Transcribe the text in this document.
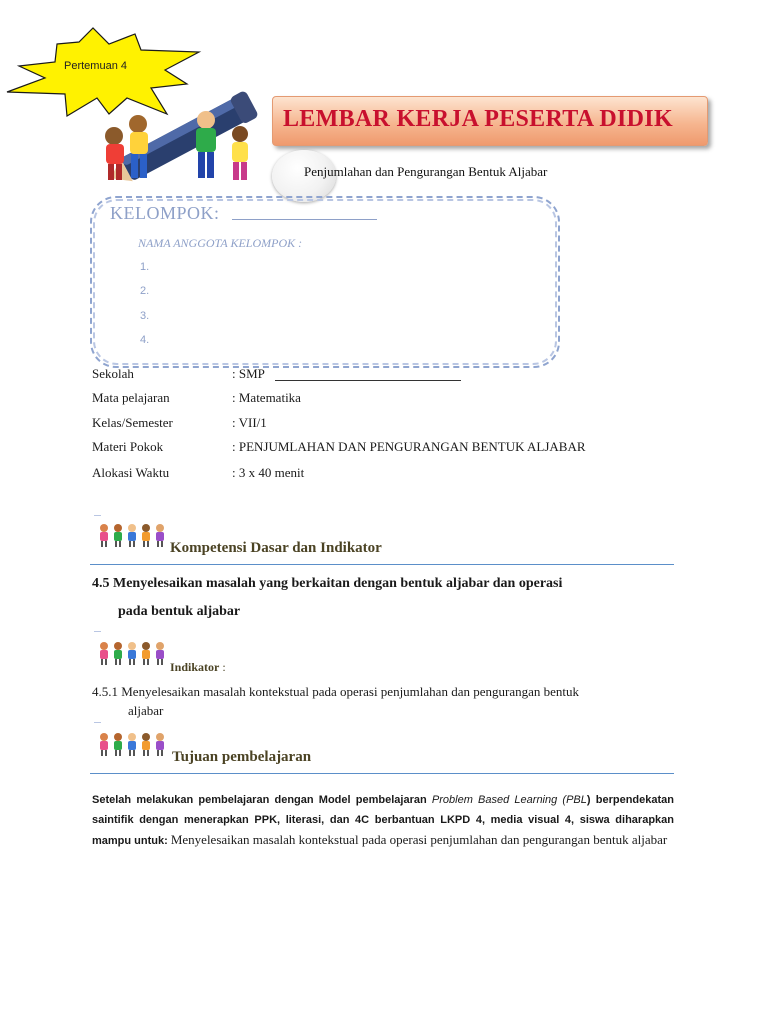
Pertemuan 4
LEMBAR KERJA PESERTA DIDIK
Penjumlahan dan Pengurangan Bentuk Aljabar
KELOMPOK:
NAMA ANGGOTA KELOMPOK :
1.
2.
3.
4.
Sekolah	: SMP
Mata pelajaran	: Matematika
Kelas/Semester	: VII/1
Materi Pokok	: PENJUMLAHAN DAN PENGURANGAN BENTUK ALJABAR
Alokasi Waktu	: 3 x 40 menit
Kompetensi Dasar dan Indikator
4.5 Menyelesaikan masalah yang berkaitan dengan bentuk aljabar dan operasi
pada bentuk aljabar
Indikator :
4.5.1 Menyelesaikan masalah kontekstual pada operasi penjumlahan dan pengurangan bentuk
aljabar
Tujuan pembelajaran
Setelah melakukan pembelajaran dengan Model pembelajaran Problem Based Learning (PBL) berpendekatan saintifik dengan menerapkan PPK, literasi, dan 4C berbantuan LKPD 4, media visual 4, siswa diharapkan mampu untuk: Menyelesaikan masalah kontekstual pada operasi penjumlahan dan pengurangan bentuk aljabar
